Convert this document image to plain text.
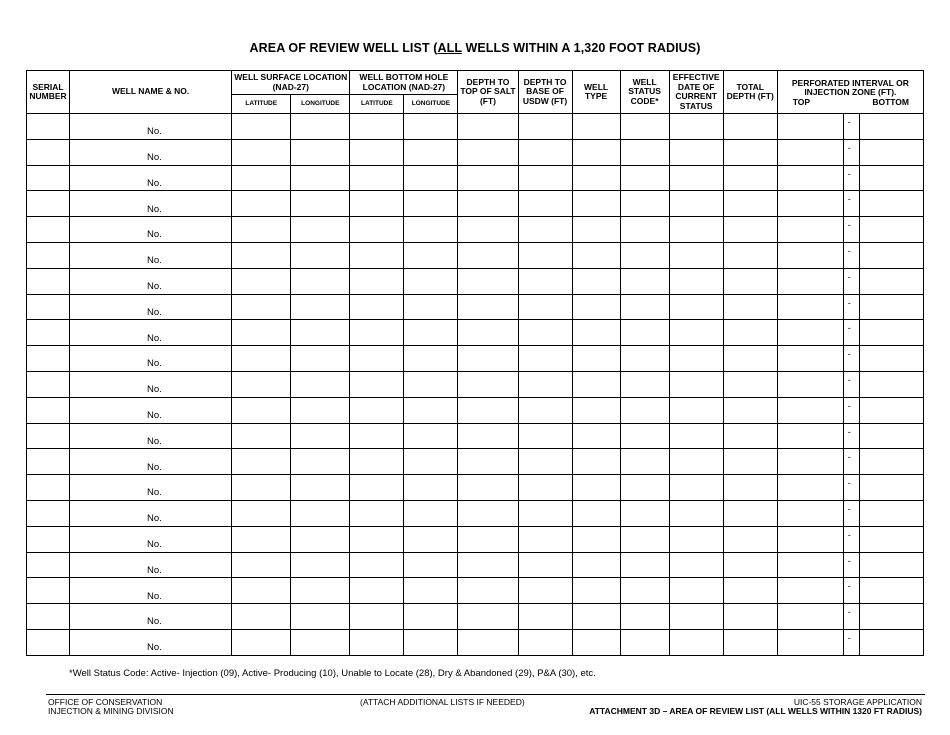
AREA OF REVIEW WELL LIST (ALL WELLS WITHIN A 1,320 FOOT RADIUS)
SERIAL NUMBER	WELL NAME & NO.	WELL SURFACE LOCATION (NAD-27)		WELL BOTTOM HOLE LOCATION (NAD-27)		DEPTH TO TOP OF SALT (FT)	DEPTH TO BASE OF USDW (FT)	WELL TYPE	WELL STATUS CODE*	EFFECTIVE DATE OF CURRENT STATUS	TOTAL DEPTH (FT)	PERFORATED INTERVAL OR INJECTION ZONE (FT).
TOP BOTTOM		

		LATITUDE	LONGITUDE	LATITUDE	LONGITUDE									
	No.												-	
	No.												-	
	No.												-	
	No.												-	
	No.												-	
	No.												-	
	No.												-	
	No.												-	
	No.												-	
	No.												-	
	No.												-	
	No.												-	
	No.												-	
	No.												-	
	No.												-	
	No.												-	
	No.												-	
	No.												-	
	No.												-	
	No.												-	
	No.												-	
*Well Status Code: Active- Injection (09), Active- Producing (10), Unable to Locate (28), Dry & Abandoned (29), P&A (30), etc.
OFFICE OF CONSERVATION
INJECTION & MINING DIVISION
(ATTACH ADDITIONAL LISTS IF NEEDED)	UIC-55 STORAGE APPLICATION
ATTACHMENT 3D – AREA OF REVIEW LIST (ALL WELLS WITHIN 1320 FT RADIUS)
